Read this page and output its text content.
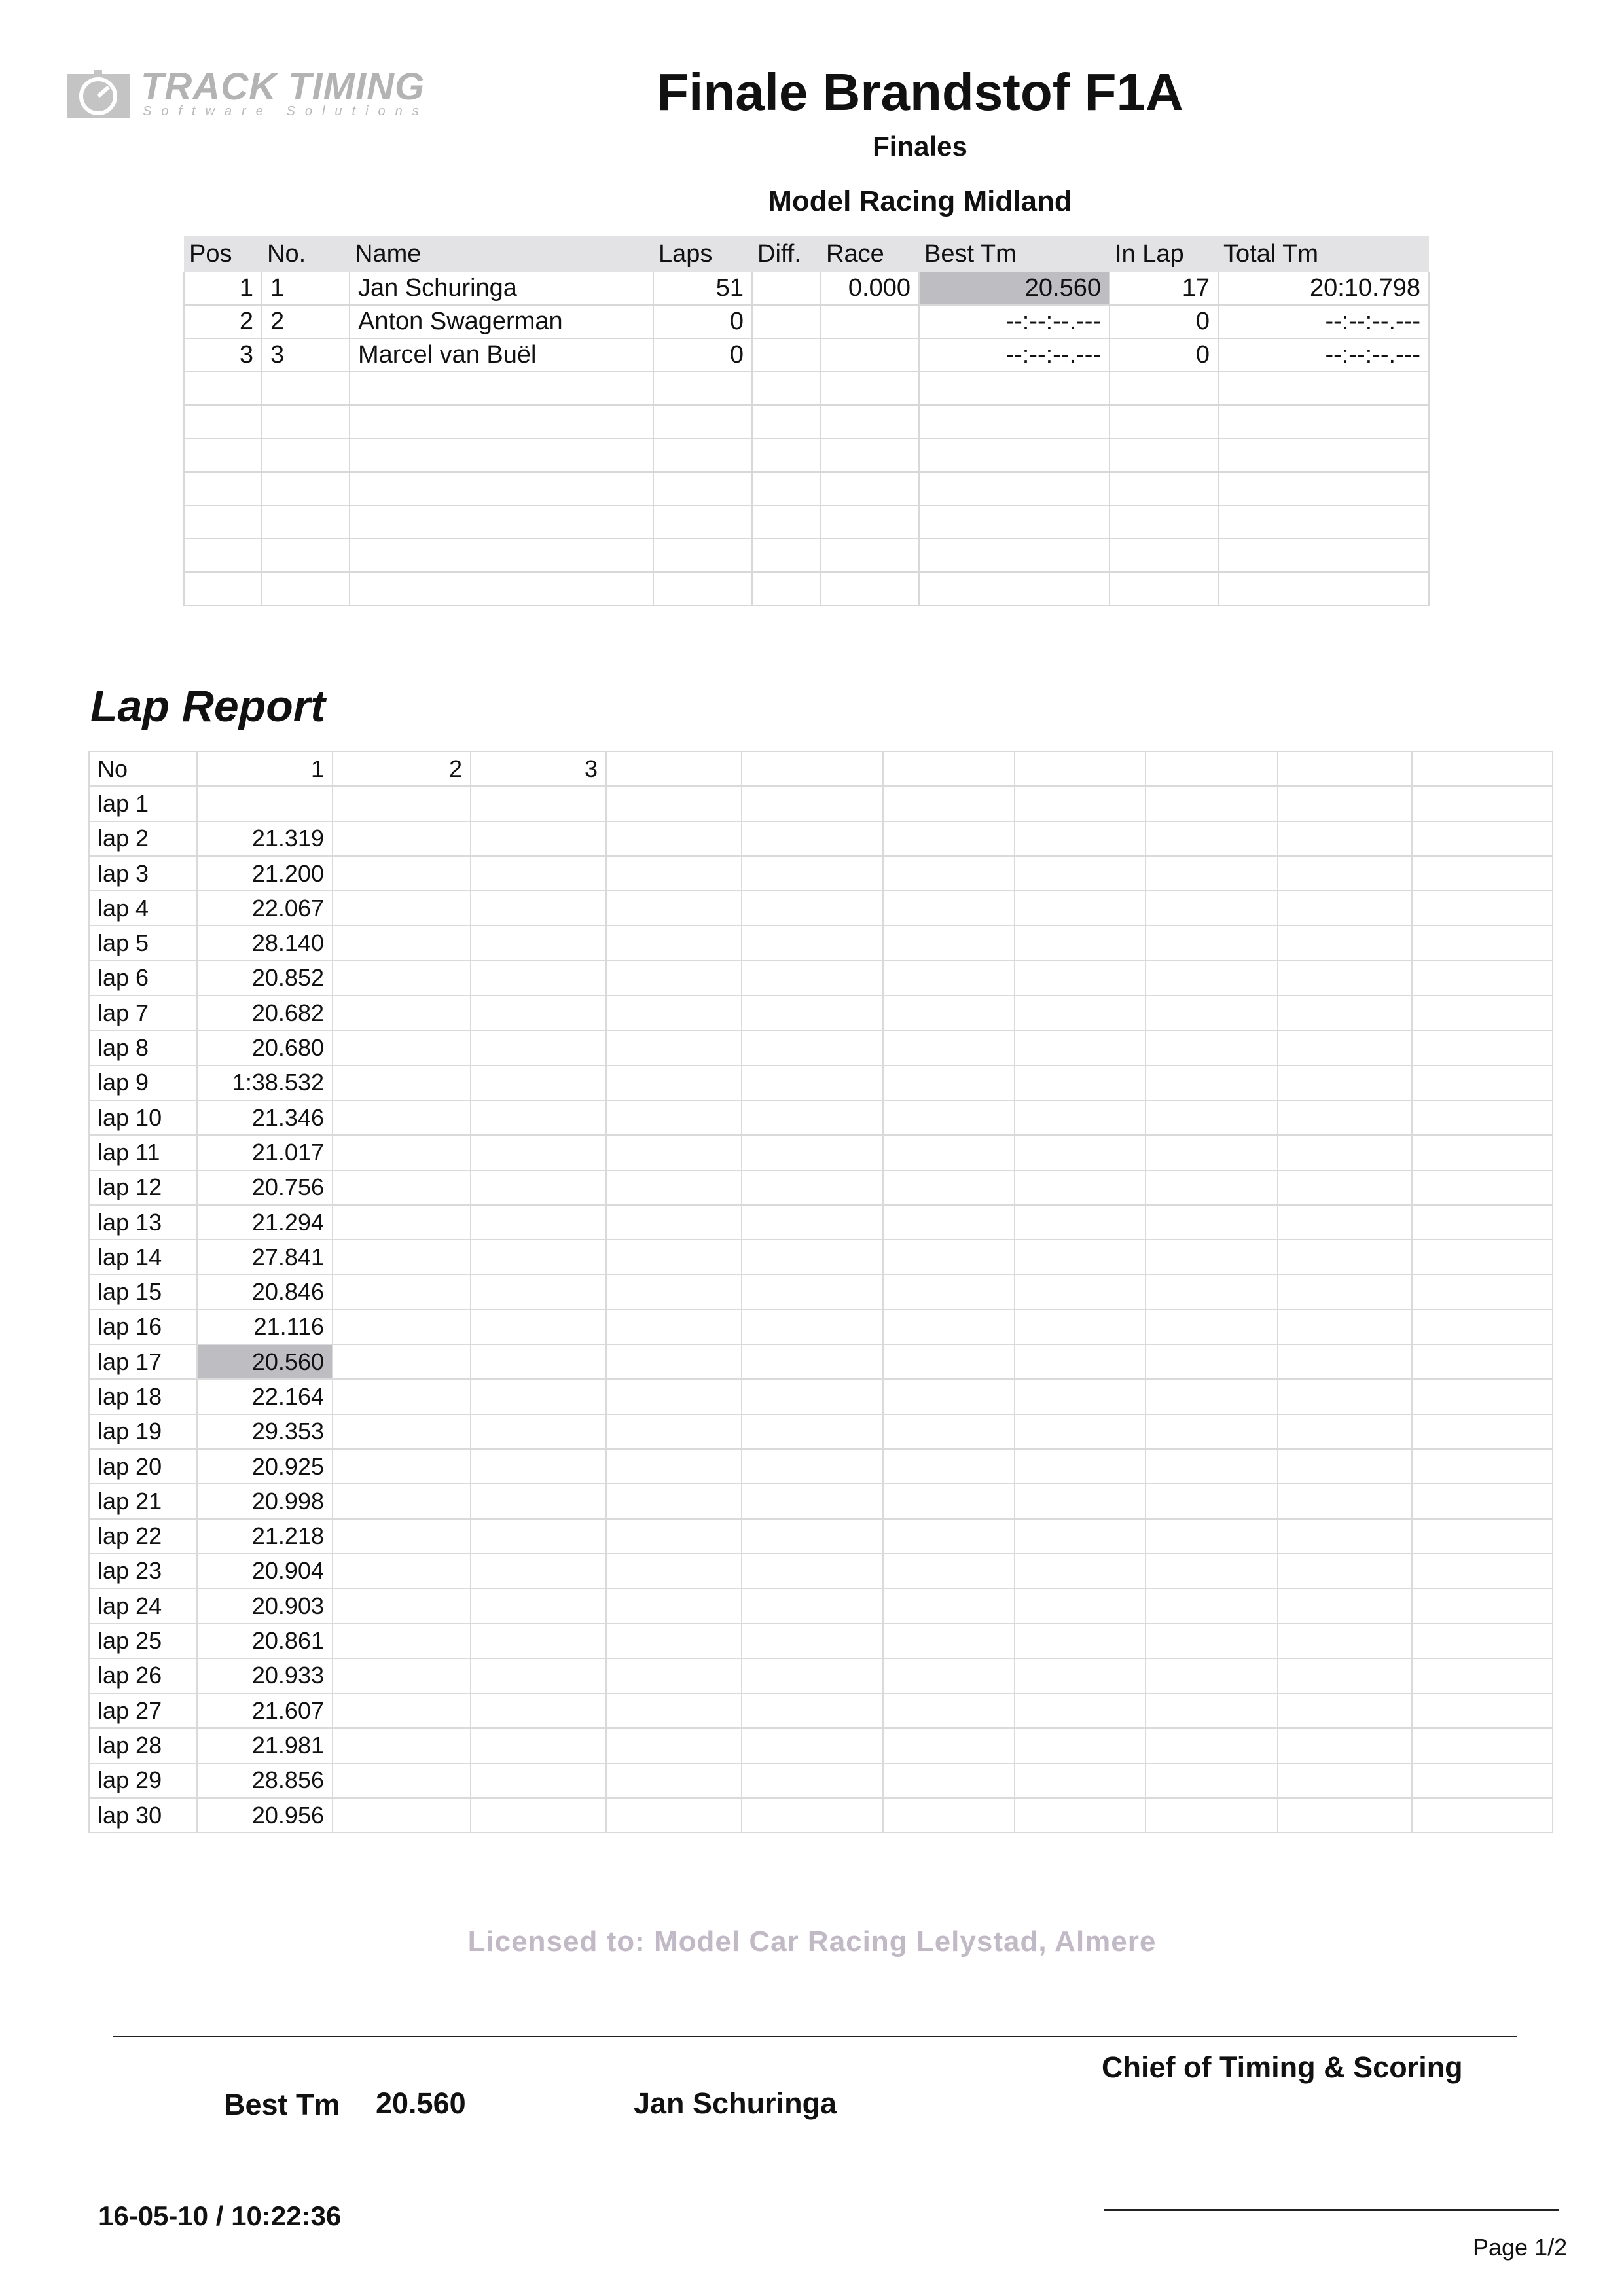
TRACK TIMING
Software Solutions	Finale Brandstof F1A
Finales
Model Racing Midland
Pos	No.	Name	Laps	Diff.	Race	Best Tm	In Lap	Total Tm
1	1	Jan Schuringa	51		0.000	20.560	17	20:10.798
2	2	Anton Swagerman	0			--:--:--.---	0	--:--:--.---
3	3	Marcel van Buël	0			--:--:--.---	0	--:--:--.---

Lap Report
No	1	2	3							
lap 1										
lap 2	21.319									
lap 3	21.200									
lap 4	22.067									
lap 5	28.140									
lap 6	20.852									
lap 7	20.682									
lap 8	20.680									
lap 9	1:38.532									
lap 10	21.346									
lap 11	21.017									
lap 12	20.756									
lap 13	21.294									
lap 14	27.841									
lap 15	20.846									
lap 16	21.116									
lap 17	20.560									
lap 18	22.164									
lap 19	29.353									
lap 20	20.925									
lap 21	20.998									
lap 22	21.218									
lap 23	20.904									
lap 24	20.903									
lap 25	20.861									
lap 26	20.933									
lap 27	21.607									
lap 28	21.981									
lap 29	28.856									
lap 30	20.956									
Licensed to: Model Car Racing Lelystad, Almere
Chief of Timing & Scoring
Best Tm 20.560	Jan Schuringa
16-05-10 / 10:22:36
Page 1/2
